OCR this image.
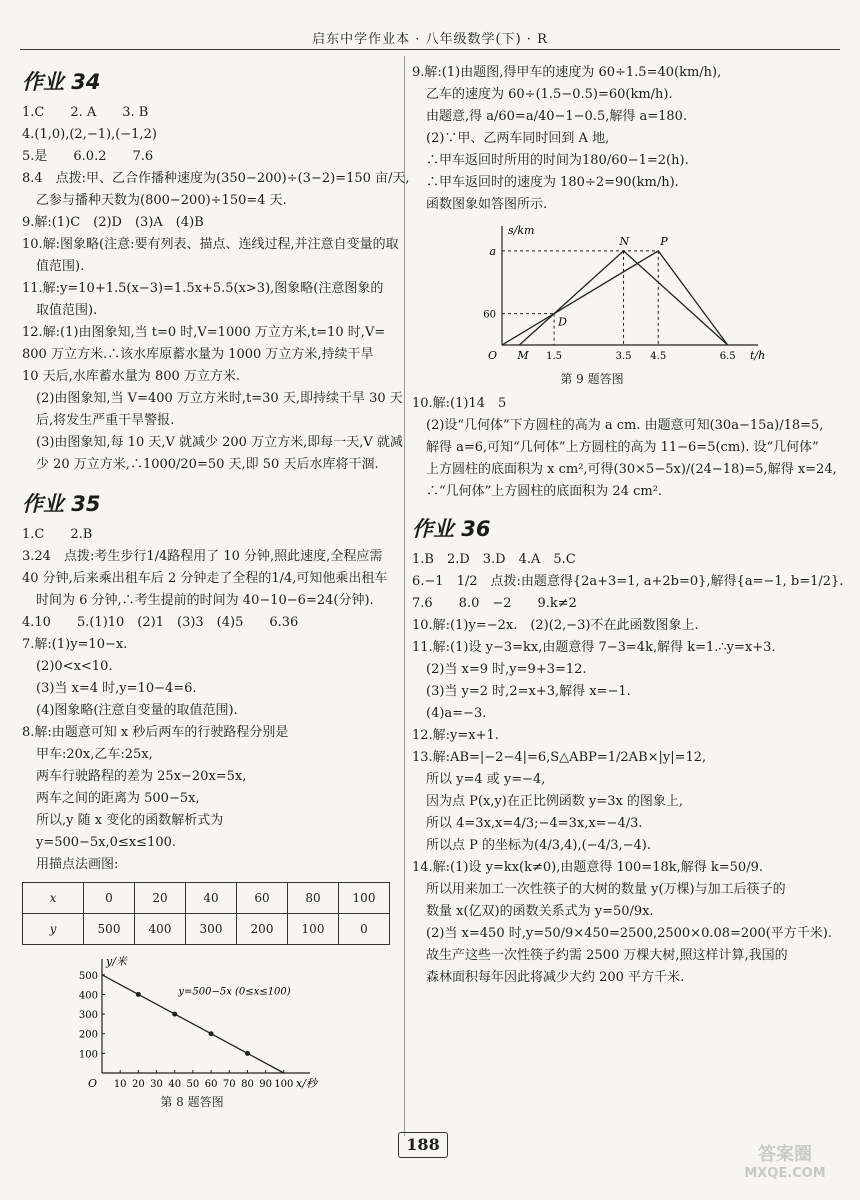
启东中学作业本 · 八年级数学(下) · R
作业 34

1.C　　2. A　　3. B

4.(1,0),(2,−1),(−1,2)

5.是　　6.0.2　　7.6

8.4　点拨:甲、乙合作播种速度为(350−200)÷(3−2)=150 亩/天,

乙参与播种天数为(800−200)÷150=4 天.

9.解:(1)C　(2)D　(3)A　(4)B

10.解:图象略(注意:要有列表、描点、连线过程,并注意自变量的取

值范围).

11.解:y=10+1.5(x−3)=1.5x+5.5(x>3),图象略(注意图象的

取值范围).

12.解:(1)由图象知,当 t=0 时,V=1000 万立方米,t=10 时,V=

800 万立方米.∴该水库原蓄水量为 1000 万立方米,持续干旱

10 天后,水库蓄水量为 800 万立方米.

(2)由图象知,当 V=400 万立方米时,t=30 天,即持续干旱 30 天

后,将发生严重干旱警报.

(3)由图象知,每 10 天,V 就减少 200 万立方米,即每一天,V 就减

少 20 万立方米,∴1000/20=50 天,即 50 天后水库将干涸.

作业 35

1.C　　2.B

3.24　点拨:考生步行1/4路程用了 10 分钟,照此速度,全程应需

40 分钟,后来乘出租车后 2 分钟走了全程的1/4,可知他乘出租车

时间为 6 分钟,∴考生提前的时间为 40−10−6=24(分钟).

4.10　　5.(1)10　(2)1　(3)3　(4)5　　6.36

7.解:(1)y=10−x.

(2)0<x<10.

(3)当 x=4 时,y=10−4=6.

(4)图象略(注意自变量的取值范围).

8.解:由题意可知 x 秒后两车的行驶路程分别是

甲车:20x,乙车:25x,

两车行驶路程的差为 25x−20x=5x,

两车之间的距离为 500−5x,

所以,y 随 x 变化的函数解析式为

y=500−5x,0≤x≤100.

用描点法画图:

x	0	20	40	60	80	100
y	500	400	300	200	100	0
O	x/秒
y/米
10 20 30 40 50 60 70 80 90 100
100
200
300
400
500
y=500−5x (0≤x≤100)
第 8 题答图

9.解:(1)由题图,得甲车的速度为 60÷1.5=40(km/h),

乙车的速度为 60÷(1.5−0.5)=60(km/h).

由题意,得 a/60=a/40−1−0.5,解得 a=180.

(2)∵甲、乙两车同时回到 A 地,

∴甲车返回时所用的时间为180/60−1=2(h).

∴甲车返回时的速度为 180÷2=90(km/h).

函数图象如答图所示.

t/h
s/km
1.5	3.5 4.5	6.5
60
a
O M
D
N	P
第 9 题答图

10.解:(1)14　5

(2)设“几何体”下方圆柱的高为 a cm. 由题意可知(30a−15a)/18=5,

解得 a=6,可知“几何体”上方圆柱的高为 11−6=5(cm). 设“几何体”

上方圆柱的底面积为 x cm²,可得(30×5−5x)/(24−18)=5,解得 x=24,

∴“几何体”上方圆柱的底面积为 24 cm².

作业 36

1.B　2.D　3.D　4.A　5.C

6.−1　1/2　点拨:由题意得{2a+3=1, a+2b=0},解得{a=−1, b=1/2}.

7.6　　8.0　−2　　9.k≠2

10.解:(1)y=−2x.　(2)(2,−3)不在此函数图象上.

11.解:(1)设 y−3=kx,由题意得 7−3=4k,解得 k=1.∴y=x+3.

(2)当 x=9 时,y=9+3=12.

(3)当 y=2 时,2=x+3,解得 x=−1.

(4)a=−3.

12.解:y=x+1.

13.解:AB=|−2−4|=6,S△ABP=1/2AB×|y|=12,

所以 y=4 或 y=−4,

因为点 P(x,y)在正比例函数 y=3x 的图象上,

所以 4=3x,x=4/3;−4=3x,x=−4/3.

所以点 P 的坐标为(4/3,4),(−4/3,−4).

14.解:(1)设 y=kx(k≠0),由题意得 100=18k,解得 k=50/9.

所以用来加工一次性筷子的大树的数量 y(万棵)与加工后筷子的

数量 x(亿双)的函数关系式为 y=50/9x.

(2)当 x=450 时,y=50/9×450=2500,2500×0.08=200(平方千米).

故生产这些一次性筷子约需 2500 万棵大树,照这样计算,我国的

森林面积每年因此将减少大约 200 平方千米.

188	答案圈
MXQE.COM
